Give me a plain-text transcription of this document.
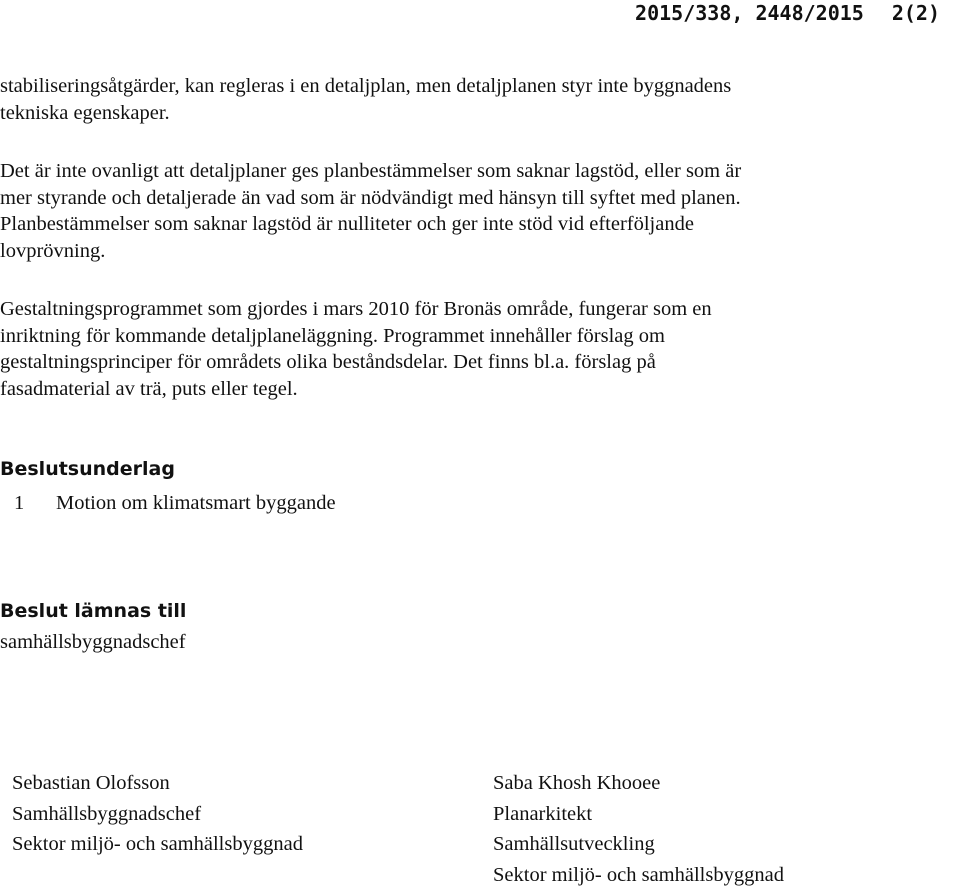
2015/338, 2448/2015 2(2)

stabiliseringsåtgärder, kan regleras i en detaljplan, men detaljplanen styr inte byggnadens
tekniska egenskaper.

Det är inte ovanligt att detaljplaner ges planbestämmelser som saknar lagstöd, eller som är
mer styrande och detaljerade än vad som är nödvändigt med hänsyn till syftet med planen.
Planbestämmelser som saknar lagstöd är nulliteter och ger inte stöd vid efterföljande
lovprövning.

Gestaltningsprogrammet som gjordes i mars 2010 för Bronäs område, fungerar som en
inriktning för kommande detaljplaneläggning. Programmet innehåller förslag om
gestaltningsprinciper för områdets olika beståndsdelar. Det finns bl.a. förslag på
fasadmaterial av trä, puts eller tegel.

Beslutsunderlag
1 Motion om klimatsmart byggande
Beslut lämnas till

samhällsbyggnadschef

Sebastian Olofsson
Samhällsbyggnadschef
Sektor miljö- och samhällsbyggnad
Saba Khosh Khooee
Planarkitekt
Samhällsutveckling
Sektor miljö- och samhällsbyggnad
